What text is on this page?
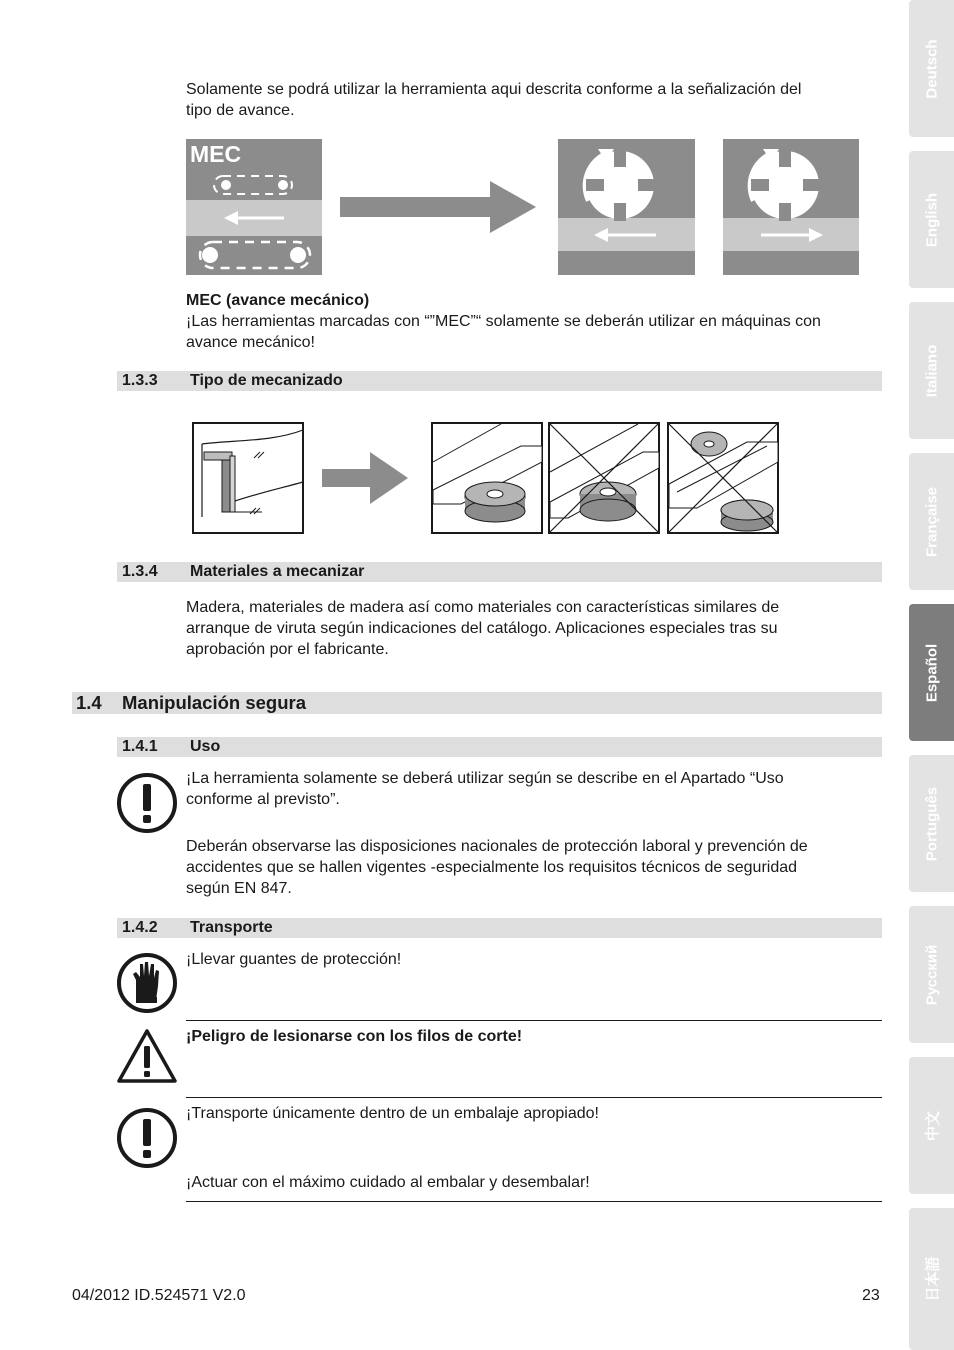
Solamente se podrá utilizar la herramienta aqui descrita conforme a la señalización del
tipo de avance.
MEC
MEC (avance mecánico)
¡Las herramientas marcadas con “”MEC”“ solamente se deberán utilizar en máquinas con
avance mecánico!
1.3.3 Tipo de mecanizado
1.3.4 Materiales a mecanizar
Madera, materiales de madera así como materiales con características similares de
arranque de viruta según indicaciones del catálogo. Aplicaciones especiales tras su
aprobación por el fabricante.
1.4 Manipulación segura
1.4.1 Uso
¡La herramienta solamente se deberá utilizar según se describe en el Apartado “Uso
conforme al previsto”.
Deberán observarse las disposiciones nacionales de protección laboral y prevención de
accidentes que se hallen vigentes -especialmente los requisitos técnicos de seguridad
según EN 847.
1.4.2 Transporte
¡Llevar guantes de protección!
¡Peligro de lesionarse con los filos de corte!
¡Transporte únicamente dentro de un embalaje apropiado!
¡Actuar con el máximo cuidado al embalar y desembalar!
04/2012 ID.524571 V2.0	23
Deutsch
English
Italiano
Française
Español
Português
Русский
中文
日本語
